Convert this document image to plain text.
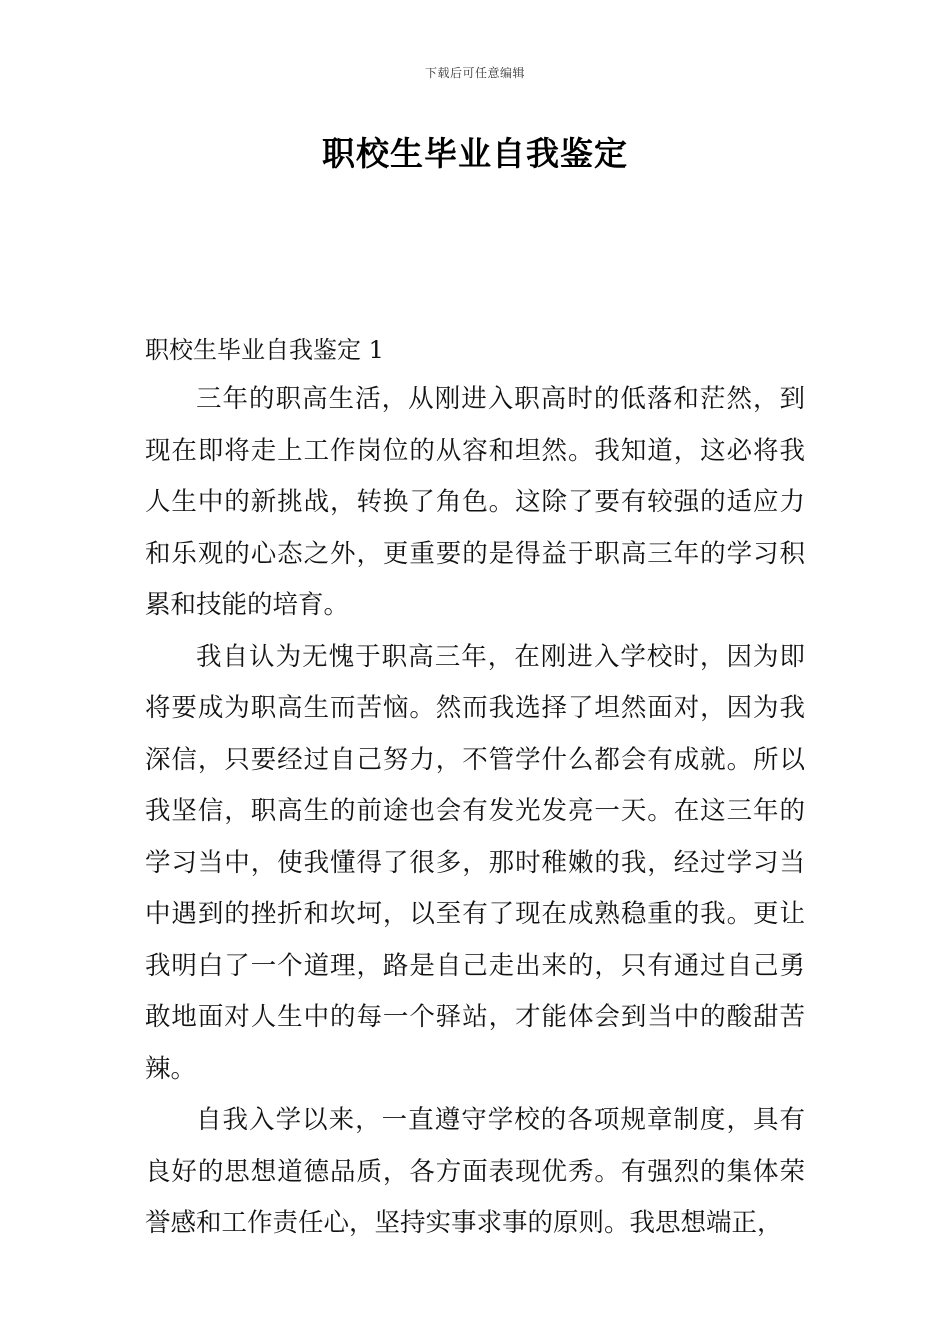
下载后可任意编辑
职校生毕业自我鉴定

职校生毕业自我鉴定 1

三年的职高生活，从刚进入职高时的低落和茫然，到现在即将走上工作岗位的从容和坦然。我知道，这必将我人生中的新挑战，转换了角色。这除了要有较强的适应力和乐观的心态之外，更重要的是得益于职高三年的学习积累和技能的培育。

我自认为无愧于职高三年，在刚进入学校时，因为即将要成为职高生而苦恼。然而我选择了坦然面对，因为我深信，只要经过自己努力，不管学什么都会有成就。所以我坚信，职高生的前途也会有发光发亮一天。在这三年的学习当中，使我懂得了很多，那时稚嫩的我，经过学习当中遇到的挫折和坎坷，以至有了现在成熟稳重的我。更让我明白了一个道理，路是自己走出来的，只有通过自己勇敢地面对人生中的每一个驿站，才能体会到当中的酸甜苦辣。

自我入学以来，一直遵守学校的各项规章制度，具有良好的思想道德品质，各方面表现优秀。有强烈的集体荣誉感和工作责任心，坚持实事求事的原则。我思想端正，
